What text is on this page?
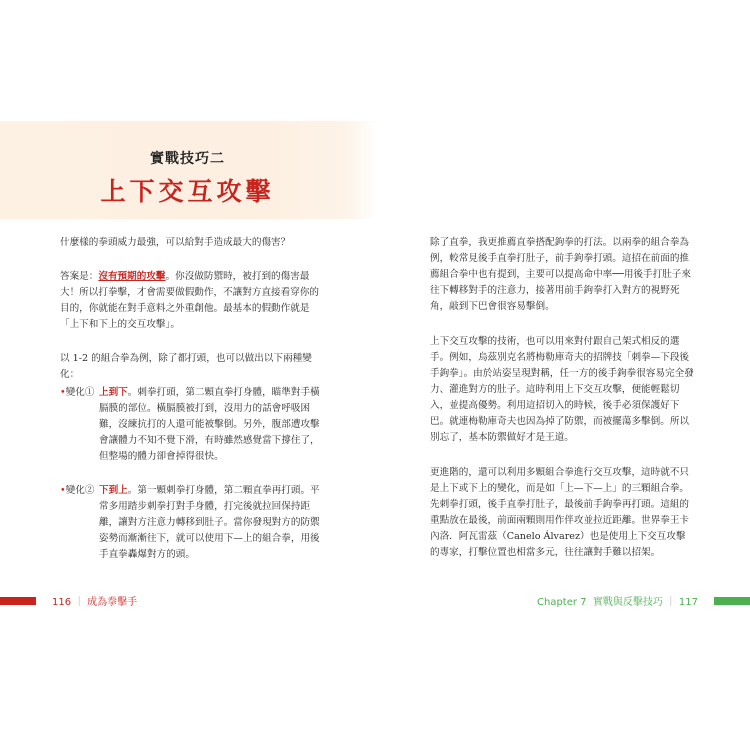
實戰技巧二
上下交互攻擊

什麼樣的拳頭威力最強，可以給對手造成最大的傷害？

答案是：沒有預期的攻擊。你沒做防禦時，被打到的傷害最大！所以打拳擊，才會需要做假動作，不讓對方直接看穿你的目的，你就能在對手意料之外重創他。最基本的假動作就是「上下和下上的交互攻擊」。

以 1-2 的組合拳為例，除了都打頭，也可以做出以下兩種變化：

•變化① 上到下。刺拳打頭，第二顆直拳打身體，瞄準對手橫膈膜的部位。橫膈膜被打到，沒用力的話會呼吸困難，沒練抗打的人還可能被擊倒。另外，腹部遭攻擊會讓體力不知不覺下滑，有時雖然感覺當下撐住了，但整場的體力卻會掉得很快。

•變化② 下到上。第一顆刺拳打身體，第二顆直拳再打頭。平常多用踏步刺拳打對手身體，打完後就拉回保持距離，讓對方注意力轉移到肚子。當你發現對方的防禦姿勢而漸漸往下，就可以使用下—上的組合拳，用後手直拳轟爆對方的頭。

除了直拳，我更推薦直拳搭配鉤拳的打法。以兩拳的組合拳為例，較常見後手直拳打肚子，前手鉤拳打頭。這招在前面的推薦組合拳中也有提到，主要可以提高命中率──用後手打肚子來往下轉移對手的注意力，接著用前手鉤拳打入對方的視野死角，敲到下巴會很容易擊倒。

上下交互攻擊的技術，也可以用來對付跟自己架式相反的選手。例如，烏茲別克名將梅勒庫奇夫的招牌技「刺拳—下段後手鉤拳」。由於站姿呈現對稱，任一方的後手鉤拳很容易完全發力、灌進對方的肚子。這時利用上下交互攻擊，便能輕鬆切入，並提高優勢。利用這招切入的時候，後手必須保護好下巴。就連梅勒庫奇夫也因為掉了防禦，而被擺蕩多擊倒。所以別忘了，基本防禦做好才是王道。

更進階的，還可以利用多顆組合拳進行交互攻擊，這時就不只是上下或下上的變化，而是如「上—下—上」的三顆組合拳。先刺拳打頭，後手直拳打肚子，最後前手鉤拳再打頭。這組的重點放在最後，前面兩顆則用作伴攻並拉近距離。世界拳王卡內洛．阿瓦雷茲（Canelo Álvarez）也是使用上下交互攻擊的專家，打擊位置也相當多元，往往讓對手難以招架。

116 ｜ 成為拳擊手	Chapter 7 實戰與反擊技巧 ｜ 117
